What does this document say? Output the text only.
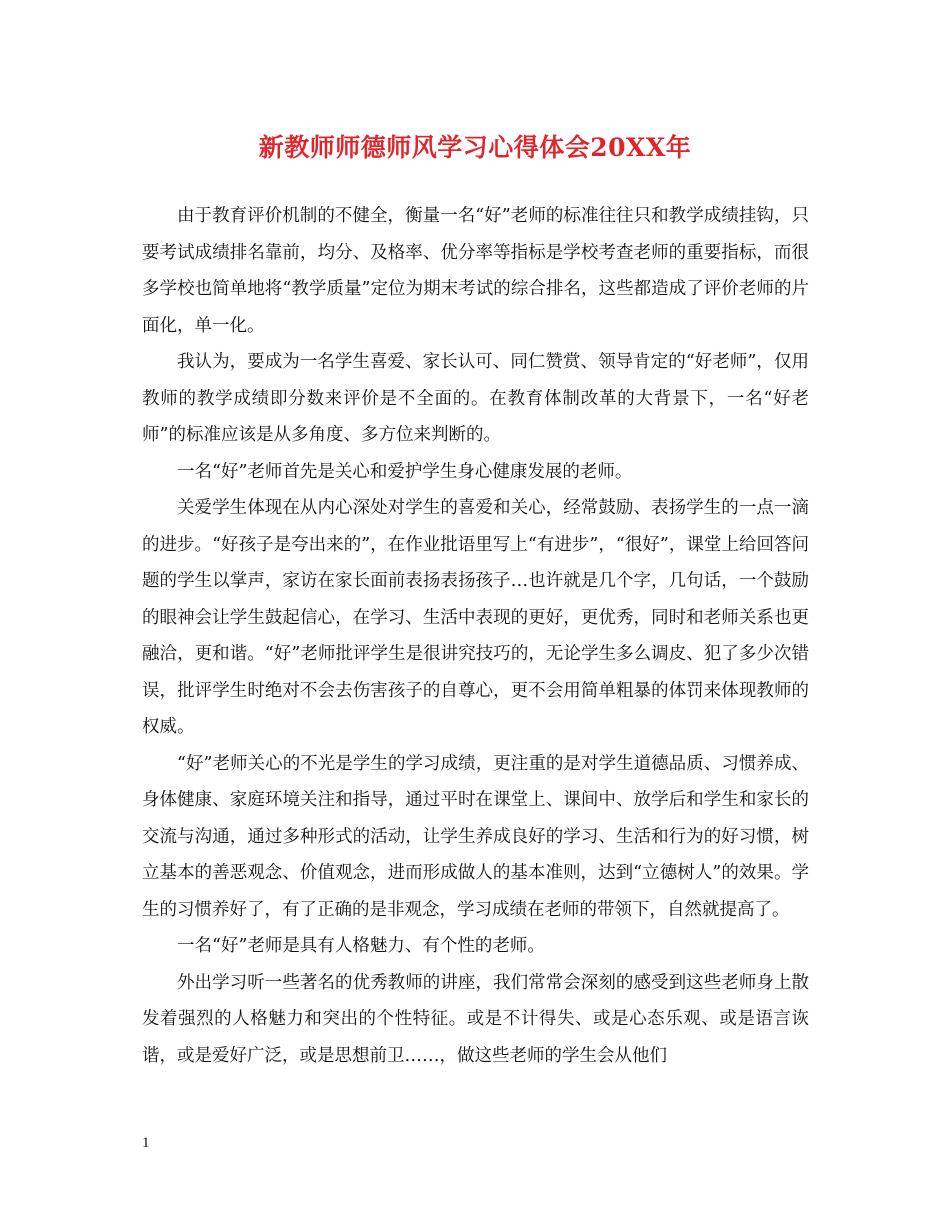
新教师师德师风学习心得体会20XX年

由于教育评价机制的不健全，衡量一名“好”老师的标准往往只和教学成绩挂钩，只要考试成绩排名靠前，均分、及格率、优分率等指标是学校考查老师的重要指标，而很多学校也简单地将“教学质量”定位为期末考试的综合排名，这些都造成了评价老师的片面化，单一化。

我认为，要成为一名学生喜爱、家长认可、同仁赞赏、领导肯定的“好老师”，仅用教师的教学成绩即分数来评价是不全面的。在教育体制改革的大背景下，一名“好老师”的标准应该是从多角度、多方位来判断的。

一名“好”老师首先是关心和爱护学生身心健康发展的老师。

关爱学生体现在从内心深处对学生的喜爱和关心，经常鼓励、表扬学生的一点一滴的进步。“好孩子是夸出来的”，在作业批语里写上“有进步”，“很好”，课堂上给回答问题的学生以掌声，家访在家长面前表扬表扬孩子…也许就是几个字，几句话，一个鼓励的眼神会让学生鼓起信心，在学习、生活中表现的更好，更优秀，同时和老师关系也更融洽，更和谐。“好”老师批评学生是很讲究技巧的，无论学生多么调皮、犯了多少次错误，批评学生时绝对不会去伤害孩子的自尊心，更不会用简单粗暴的体罚来体现教师的权威。

“好”老师关心的不光是学生的学习成绩，更注重的是对学生道德品质、习惯养成、身体健康、家庭环境关注和指导，通过平时在课堂上、课间中、放学后和学生和家长的交流与沟通，通过多种形式的活动，让学生养成良好的学习、生活和行为的好习惯，树立基本的善恶观念、价值观念，进而形成做人的基本准则，达到“立德树人”的效果。学生的习惯养好了，有了正确的是非观念，学习成绩在老师的带领下，自然就提高了。

一名“好”老师是具有人格魅力、有个性的老师。

外出学习听一些著名的优秀教师的讲座，我们常常会深刻的感受到这些老师身上散发着强烈的人格魅力和突出的个性特征。或是不计得失、或是心态乐观、或是语言诙谐，或是爱好广泛，或是思想前卫……，做这些老师的学生会从他们

1
